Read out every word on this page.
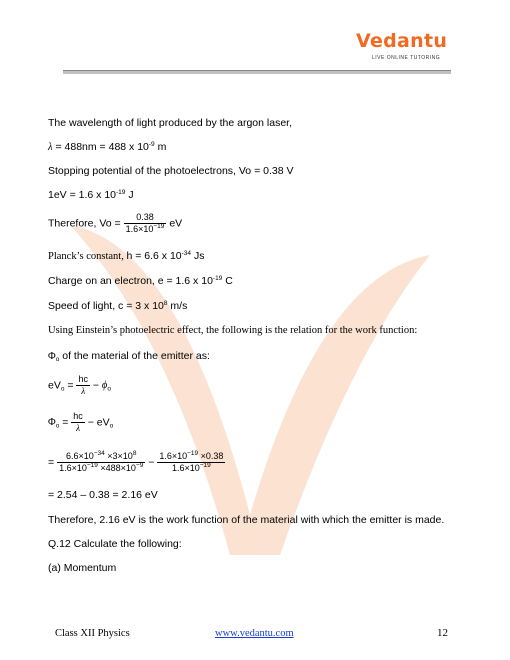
Vedantu
LIVE ONLINE TUTORING
The wavelength of light produced by the argon laser,
λ = 488nm = 488 x $10^{-9}$ m
Stopping potential of the photoelectrons, Vo = 0.38 V
1eV = 1.6 x $10^{-19}$ J
Therefore, $Vo = \frac{0.38}{1.6\times 10^{-19}}$ eV
Planck’s constant, h = 6.6 x $10^{-34}$ Js
Charge on an electron, e = 1.6 x $10^{-19}$ C
Speed of light, c = 3 x $10^8$ m/s
Using Einstein’s photoelectric effect, the following is the relation for the work function:
$\Phi_o$ of the material of the emitter as:
$eV_o = \frac{hc}{\lambda} - \phi_o$
$\Phi_o = \frac{hc}{\lambda} - eV_o$
= $\frac{6.6\times 10^{-34} \times 3\times 10^8}{1.6\times 10^{-19} \times 488\times 10^{-9}} - \frac{1.6\times 10^{-19} \times 0.38}{1.6\times 10^{-19}}$
= 2.54 – 0.38 = 2.16 eV
Therefore, 2.16 eV is the work function of the material with which the emitter is made.
Q.12 Calculate the following:
(a) Momentum
Class XII Physics	www.vedantu.com	12
